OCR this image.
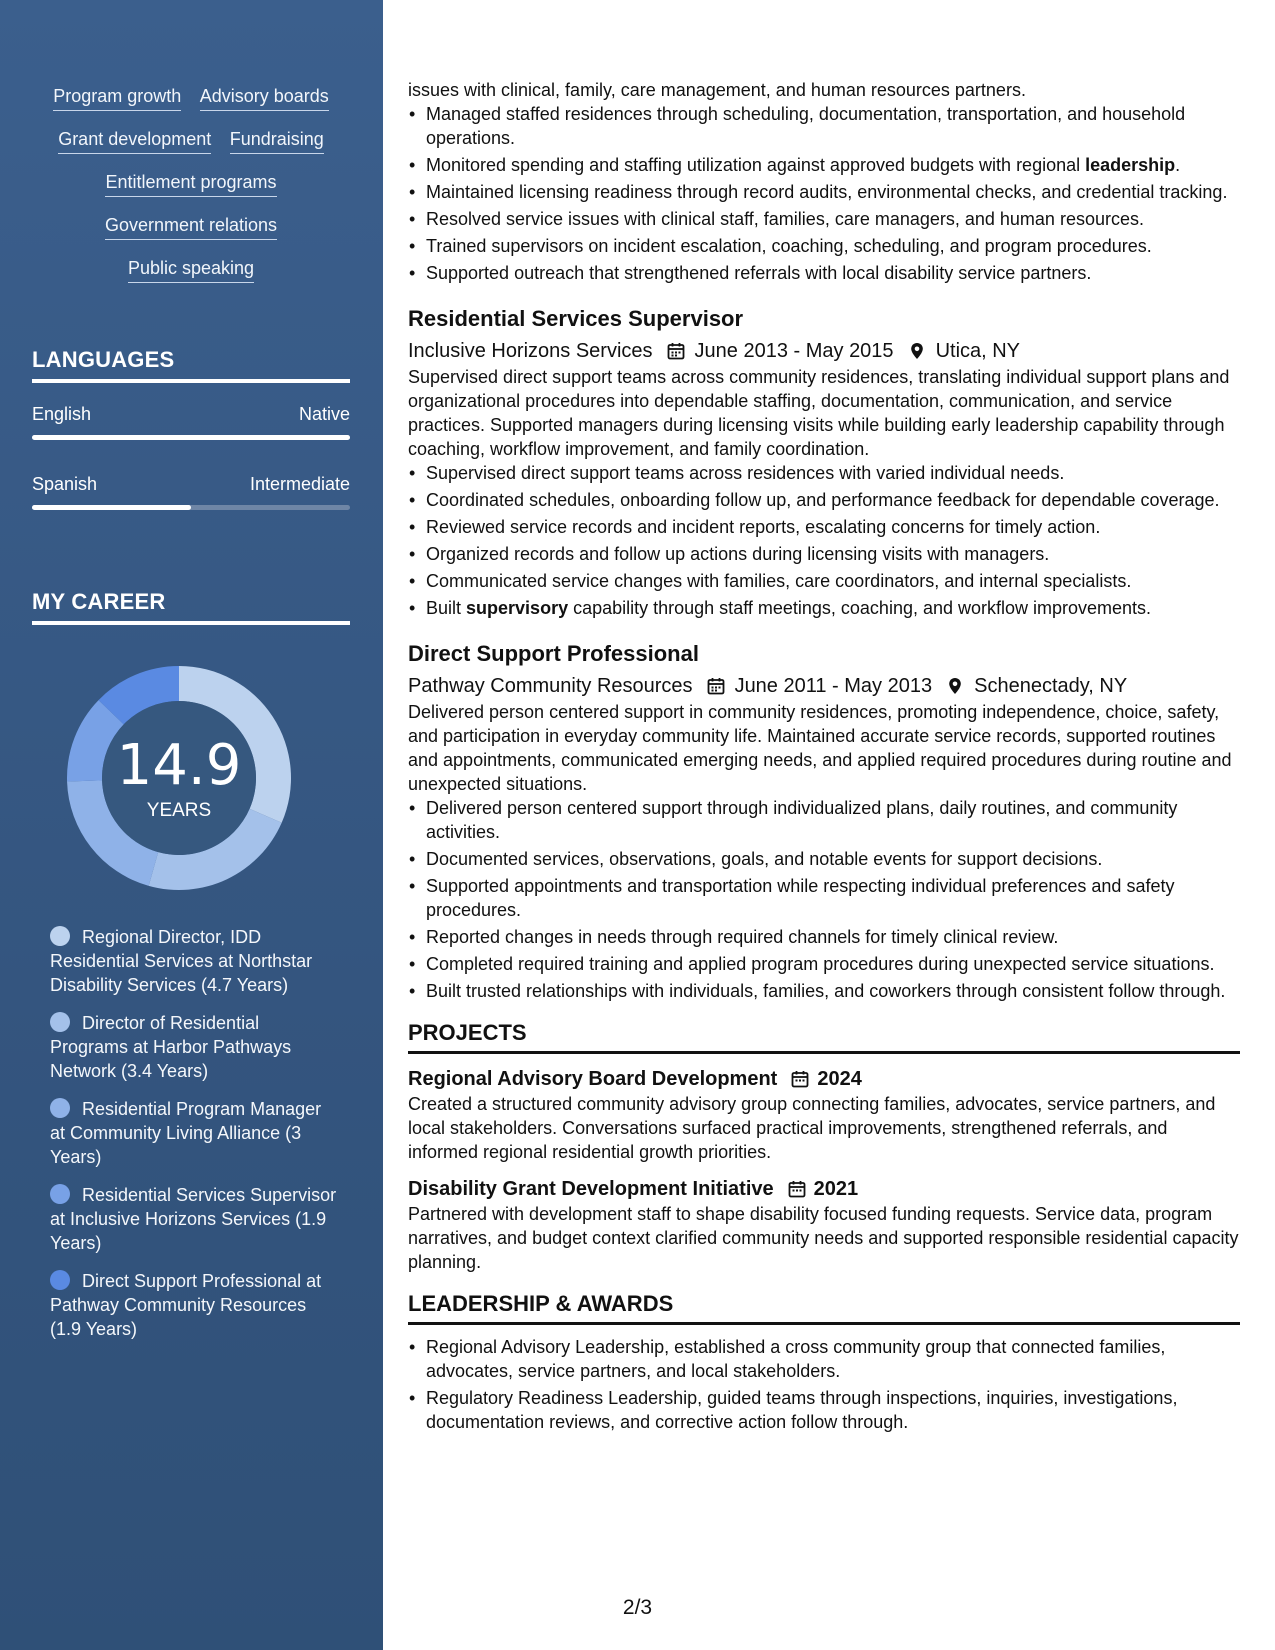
Program growth Advisory boards
Grant development Fundraising
Entitlement programs
Government relations
Public speaking
LANGUAGES
English	Native
Spanish	Intermediate
MY CAREER
14.9
YEARS
Regional Director, IDD Residential Services at Northstar Disability Services (4.7 Years)
Director of Residential Programs at Harbor Pathways Network (3.4 Years)
Residential Program Manager at Community Living Alliance (3 Years)
Residential Services Supervisor at Inclusive Horizons Services (1.9 Years)
Direct Support Professional at Pathway Community Resources (1.9 Years)

issues with clinical, family, care management, and human resources partners.

• Managed staffed residences through scheduling, documentation, transportation, and household operations.
• Monitored spending and staffing utilization against approved budgets with regional leadership.
• Maintained licensing readiness through record audits, environmental checks, and credential tracking.
• Resolved service issues with clinical staff, families, care managers, and human resources.
• Trained supervisors on incident escalation, coaching, scheduling, and program procedures.
• Supported outreach that strengthened referrals with local disability service partners.
Residential Services Supervisor
Inclusive Horizons Services June 2013 - May 2015 Utica, NY

Supervised direct support teams across community residences, translating individual support plans and organizational procedures into dependable staffing, documentation, communication, and service practices. Supported managers during licensing visits while building early leadership capability through coaching, workflow improvement, and family coordination.

• Supervised direct support teams across residences with varied individual needs.
• Coordinated schedules, onboarding follow up, and performance feedback for dependable coverage.
• Reviewed service records and incident reports, escalating concerns for timely action.
• Organized records and follow up actions during licensing visits with managers.
• Communicated service changes with families, care coordinators, and internal specialists.
• Built supervisory capability through staff meetings, coaching, and workflow improvements.
Direct Support Professional
Pathway Community Resources June 2011 - May 2013 Schenectady, NY

Delivered person centered support in community residences, promoting independence, choice, safety, and participation in everyday community life. Maintained accurate service records, supported routines and appointments, communicated emerging needs, and applied required procedures during routine and unexpected situations.

• Delivered person centered support through individualized plans, daily routines, and community activities.
• Documented services, observations, goals, and notable events for support decisions.
• Supported appointments and transportation while respecting individual preferences and safety procedures.
• Reported changes in needs through required channels for timely clinical review.
• Completed required training and applied program procedures during unexpected service situations.
• Built trusted relationships with individuals, families, and coworkers through consistent follow through.
PROJECTS
Regional Advisory Board Development 2024

Created a structured community advisory group connecting families, advocates, service partners, and local stakeholders. Conversations surfaced practical improvements, strengthened referrals, and informed regional residential growth priorities.

Disability Grant Development Initiative 2021

Partnered with development staff to shape disability focused funding requests. Service data, program narratives, and budget context clarified community needs and supported responsible residential capacity planning.

LEADERSHIP & AWARDS
• Regional Advisory Leadership, established a cross community group that connected families, advocates, service partners, and local stakeholders.
• Regulatory Readiness Leadership, guided teams through inspections, inquiries, investigations, documentation reviews, and corrective action follow through.
2/3
